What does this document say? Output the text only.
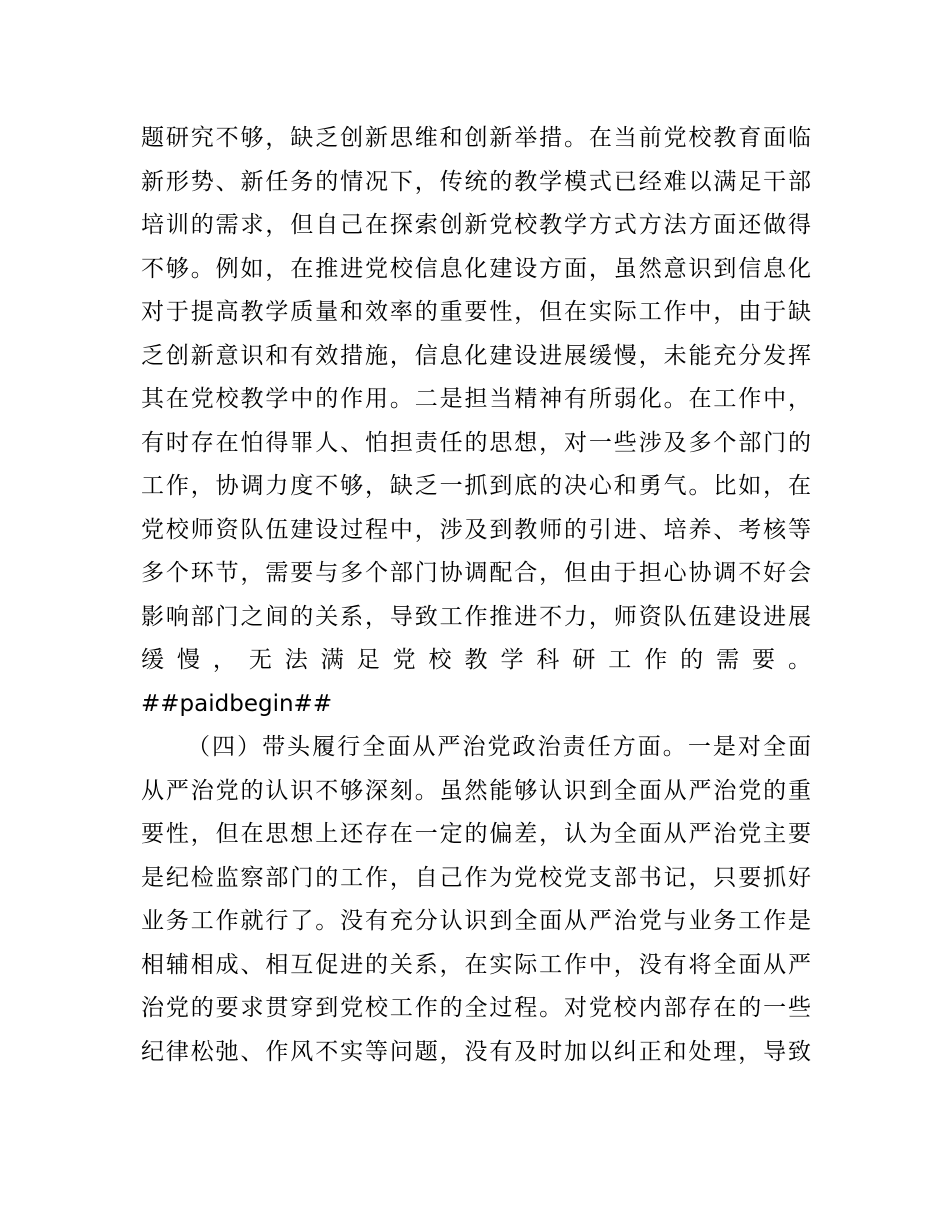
题研究不够，缺乏创新思维和创新举措。在当前党校教育面临
新形势、新任务的情况下，传统的教学模式已经难以满足干部
培训的需求，但自己在探索创新党校教学方式方法方面还做得
不够。例如，在推进党校信息化建设方面，虽然意识到信息化
对于提高教学质量和效率的重要性，但在实际工作中，由于缺
乏创新意识和有效措施，信息化建设进展缓慢，未能充分发挥
其在党校教学中的作用。二是担当精神有所弱化。在工作中，
有时存在怕得罪人、怕担责任的思想，对一些涉及多个部门的
工作，协调力度不够，缺乏一抓到底的决心和勇气。比如，在
党校师资队伍建设过程中，涉及到教师的引进、培养、考核等
多个环节，需要与多个部门协调配合，但由于担心协调不好会
影响部门之间的关系，导致工作推进不力，师资队伍建设进展
缓慢，无法满足党校教学科研工作的需要。
##paidbegin##
（四）带头履行全面从严治党政治责任方面。一是对全面
从严治党的认识不够深刻。虽然能够认识到全面从严治党的重
要性，但在思想上还存在一定的偏差，认为全面从严治党主要
是纪检监察部门的工作，自己作为党校党支部书记，只要抓好
业务工作就行了。没有充分认识到全面从严治党与业务工作是
相辅相成、相互促进的关系，在实际工作中，没有将全面从严
治党的要求贯穿到党校工作的全过程。对党校内部存在的一些
纪律松弛、作风不实等问题，没有及时加以纠正和处理，导致
